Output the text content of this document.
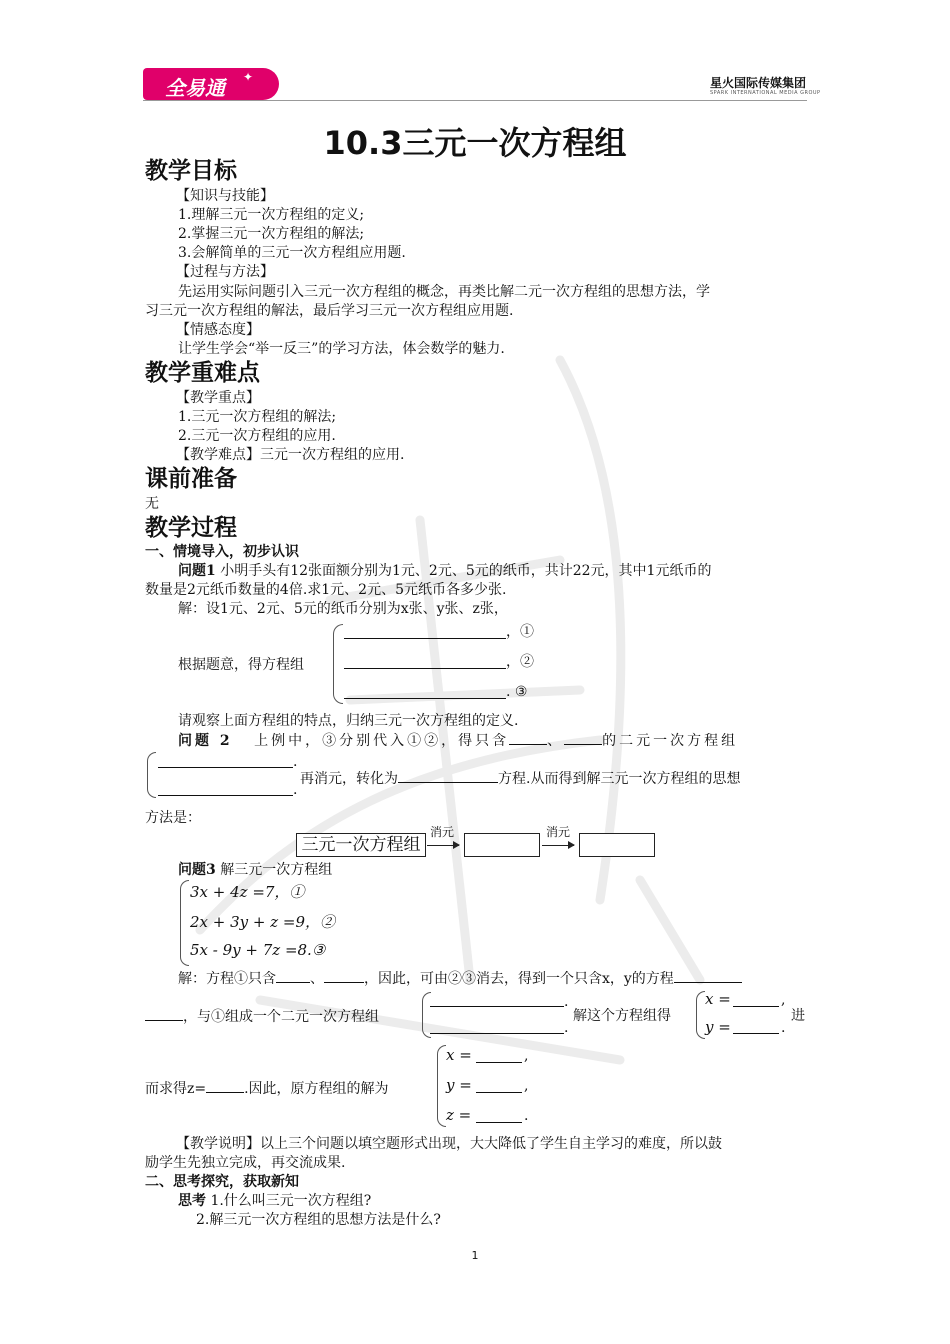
全易通 ✦	星火国际传媒集团
SPARK INTERNATIONAL MEDIA GROUP
10.3三元一次方程组
教学目标
【知识与技能】
1.理解三元一次方程组的定义;
2.掌握三元一次方程组的解法;
3.会解简单的三元一次方程组应用题.
【过程与方法】
先运用实际问题引入三元一次方程组的概念，再类比解二元一次方程组的思想方法，学
习三元一次方程组的解法，最后学习三元一次方程组应用题.
【情感态度】
让学生学会“举一反三”的学习方法，体会数学的魅力.
教学重难点
【教学重点】
1.三元一次方程组的解法;
2.三元一次方程组的应用.
【教学难点】三元一次方程组的应用.
课前准备
无
教学过程
一、情境导入，初步认识
问题1 小明手头有12张面额分别为1元、2元、5元的纸币，共计22元，其中1元纸币的
数量是2元纸币数量的4倍.求1元、2元、5元纸币各多少张.
解：设1元、2元、5元的纸币分别为x张、y张、z张，
根据题意，得方程组
，①
，②
. ③
请观察上面方程组的特点，归纳三元一次方程组的定义.
问题 2 上例中，③分别代入①②，得只含	、	的二元一次方程组
.
.
再消元，转化为	方程.从而得到解三元一次方程组的思想
方法是：
三元一次方程组
消元	消元
问题3 解三元一次方程组
3x + 4z =7，①
2x + 3y + z =9，②
5x - 9y + 7z =8.③
解：方程①只含 、	，因此，可由②③消去，得到一个只含x，y的方程
，与①组成一个二元一次方程组
.
.
解这个方程组得
x =	,
y =	.
进
x =	,
y =	,
z =	.
而求得z=	.因此，原方程组的解为
【教学说明】以上三个问题以填空题形式出现，大大降低了学生自主学习的难度，所以鼓
励学生先独立完成，再交流成果.
二、思考探究，获取新知
思考 1.什么叫三元一次方程组?
2.解三元一次方程组的思想方法是什么?
1
